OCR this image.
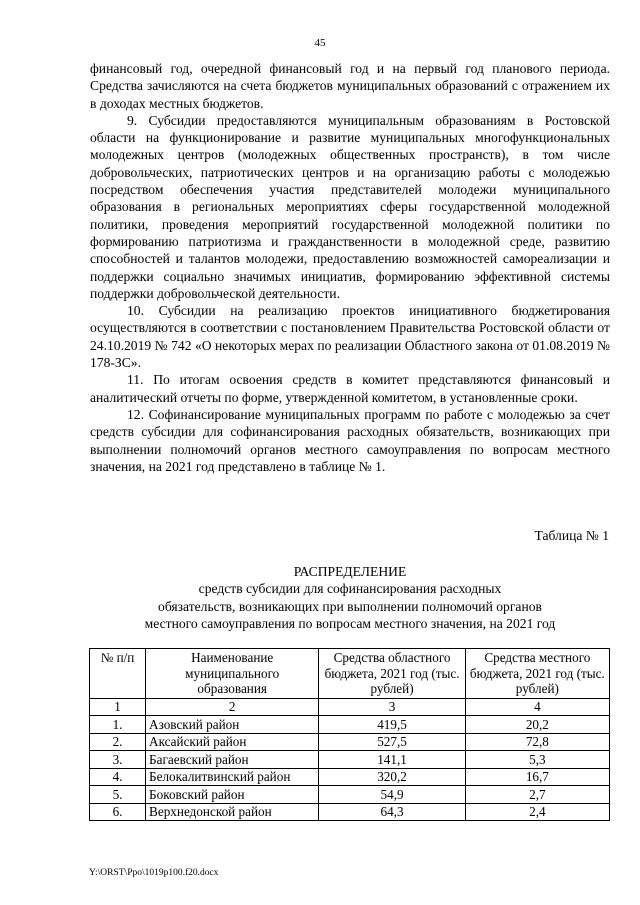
45

финансовый год, очередной финансовый год и на первый год планового периода. Средства зачисляются на счета бюджетов муниципальных образований с отражением их в доходах местных бюджетов.

9. Субсидии предоставляются муниципальным образованиям в Ростовской области на функционирование и развитие муниципальных многофункциональных молодежных центров (молодежных общественных пространств), в том числе добровольческих, патриотических центров и на организацию работы с молодежью посредством обеспечения участия представителей молодежи муниципального образования в региональных мероприятиях сферы государственной молодежной политики, проведения мероприятий государственной молодежной политики по формированию патриотизма и гражданственности в молодежной среде, развитию способностей и талантов молодежи, предоставлению возможностей самореализации и поддержки социально значимых инициатив, формированию эффективной системы поддержки добровольческой деятельности.

10. Субсидии на реализацию проектов инициативного бюджетирования осуществляются в соответствии с постановлением Правительства Ростовской области от 24.10.2019 № 742 «О некоторых мерах по реализации Областного закона от 01.08.2019 № 178-ЗС».

11. По итогам освоения средств в комитет представляются финансовый и аналитический отчеты по форме, утвержденной комитетом, в установленные сроки.

12. Софинансирование муниципальных программ по работе с молодежью за счет средств субсидии для софинансирования расходных обязательств, возникающих при выполнении полномочий органов местного самоуправления по вопросам местного значения, на 2021 год представлено в таблице № 1.

Таблица № 1
РАСПРЕДЕЛЕНИЕ
средств субсидии для софинансирования расходных
обязательств, возникающих при выполнении полномочий органов
местного самоуправления по вопросам местного значения, на 2021 год
№ п/п	Наименование муниципального образования	Средства областного бюджета, 2021 год (тыс. рублей)	Средства местного бюджета, 2021 год (тыс. рублей)
1	2	3	4
1.	Азовский район	419,5	20,2
2.	Аксайский район	527,5	72,8
3.	Багаевский район	141,1	5,3
4.	Белокалитвинский район	320,2	16,7
5.	Боковский район	54,9	2,7
6.	Верхнедонской район	64,3	2,4
Y:\ORST\Ppo\1019p100.f20.docx
